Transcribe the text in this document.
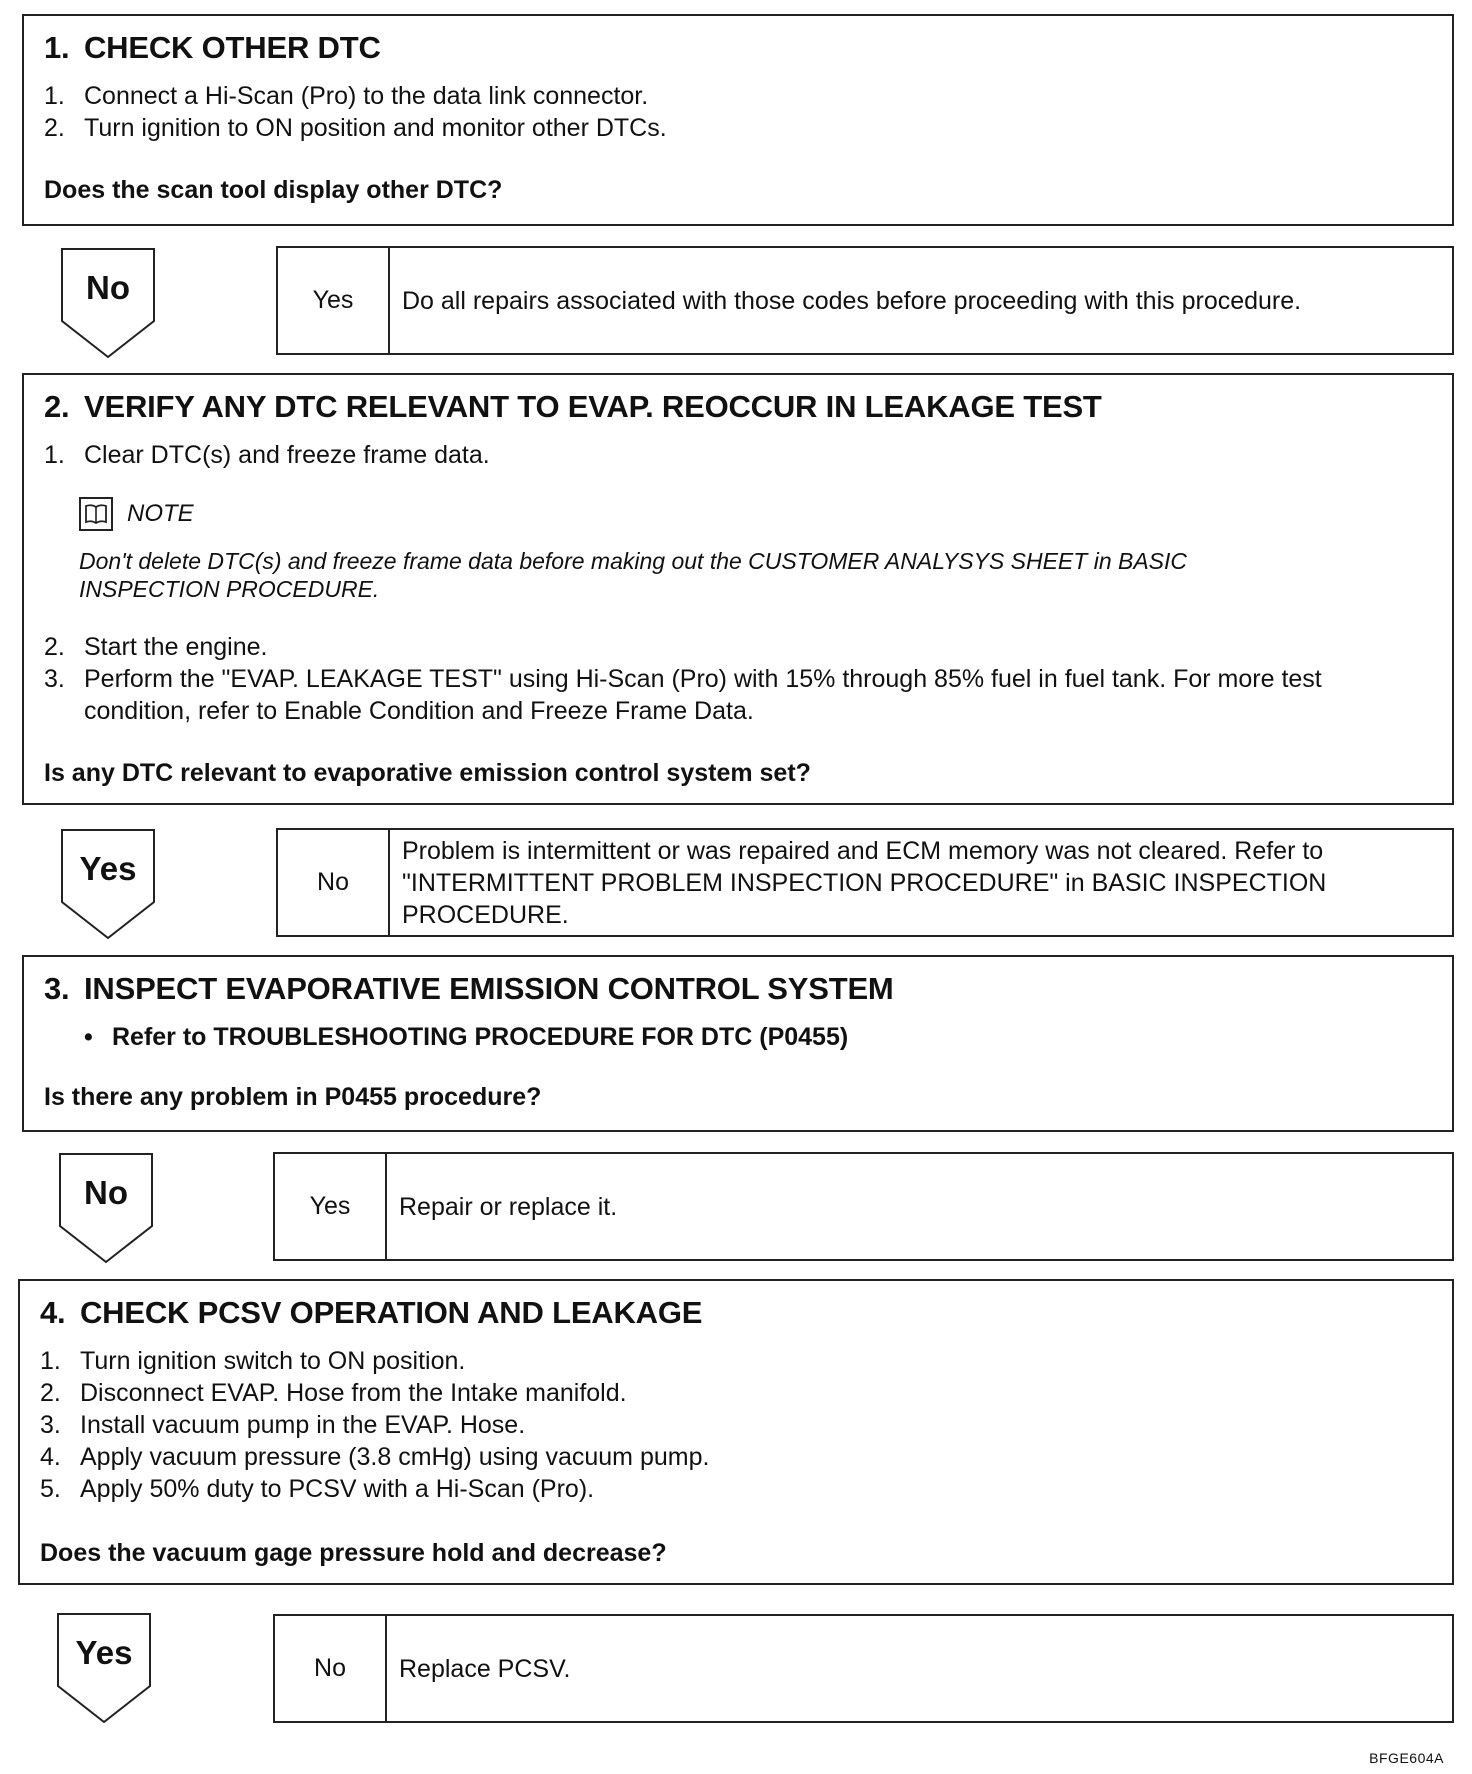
1. CHECK OTHER DTC
1. Connect a Hi-Scan (Pro) to the data link connector.
2. Turn ignition to ON position and monitor other DTCs.
Does the scan tool display other DTC?
No	Yes	Do all repairs associated with those codes before proceeding with this procedure.
2. VERIFY ANY DTC RELEVANT TO EVAP. REOCCUR IN LEAKAGE TEST
1. Clear DTC(s) and freeze frame data.
NOTE
Don't delete DTC(s) and freeze frame data before making out the CUSTOMER ANALYSYS SHEET in BASIC INSPECTION PROCEDURE.
2. Start the engine.
3. Perform the "EVAP. LEAKAGE TEST" using Hi-Scan (Pro) with 15% through 85% fuel in fuel tank. For more test condition, refer to Enable Condition and Freeze Frame Data.
Is any DTC relevant to evaporative emission control system set?
Yes	No
Problem is intermittent or was repaired and ECM memory was not cleared. Refer to "INTERMITTENT PROBLEM INSPECTION PROCEDURE" in BASIC INSPECTION PROCEDURE.
3. INSPECT EVAPORATIVE EMISSION CONTROL SYSTEM
• Refer to TROUBLESHOOTING PROCEDURE FOR DTC (P0455)
Is there any problem in P0455 procedure?
No	Yes	Repair or replace it.
4. CHECK PCSV OPERATION AND LEAKAGE
1. Turn ignition switch to ON position.
2. Disconnect EVAP. Hose from the Intake manifold.
3. Install vacuum pump in the EVAP. Hose.
4. Apply vacuum pressure (3.8 cmHg) using vacuum pump.
5. Apply 50% duty to PCSV with a Hi-Scan (Pro).
Does the vacuum gage pressure hold and decrease?
Yes	No	Replace PCSV.
BFGE604A
